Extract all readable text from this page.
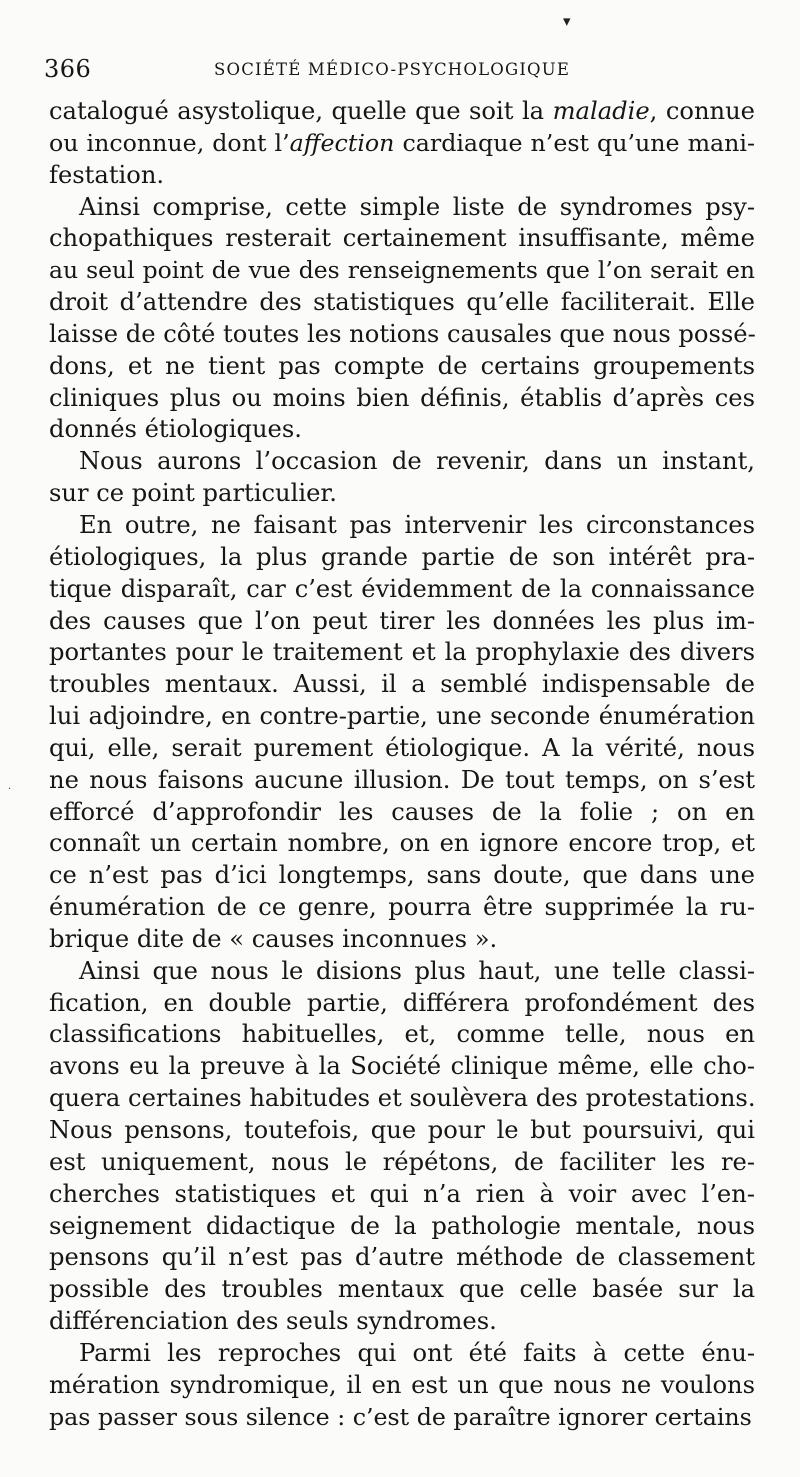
▾
·
366	SOCIÉTÉ MÉDICO-PSYCHOLOGIQUE
catalogué asystolique, quelle que soit la maladie, connue
ou inconnue, dont l’affection cardiaque n’est qu’une mani-
festation.
Ainsi comprise, cette simple liste de syndromes psy-
chopathiques resterait certainement insuffisante, même
au seul point de vue des renseignements que l’on serait en
droit d’attendre des statistiques qu’elle faciliterait. Elle
laisse de côté toutes les notions causales que nous possé-
dons, et ne tient pas compte de certains groupements
cliniques plus ou moins bien définis, établis d’après ces
donnés étiologiques.
Nous aurons l’occasion de revenir, dans un instant,
sur ce point particulier.
En outre, ne faisant pas intervenir les circonstances
étiologiques, la plus grande partie de son intérêt pra-
tique disparaît, car c’est évidemment de la connaissance
des causes que l’on peut tirer les données les plus im-
portantes pour le traitement et la prophylaxie des divers
troubles mentaux. Aussi, il a semblé indispensable de
lui adjoindre, en contre-partie, une seconde énumération
qui, elle, serait purement étiologique. A la vérité, nous
ne nous faisons aucune illusion. De tout temps, on s’est
efforcé d’approfondir les causes de la folie ; on en
connaît un certain nombre, on en ignore encore trop, et
ce n’est pas d’ici longtemps, sans doute, que dans une
énumération de ce genre, pourra être supprimée la ru-
brique dite de « causes inconnues ».
Ainsi que nous le disions plus haut, une telle classi-
fication, en double partie, différera profondément des
classifications habituelles, et, comme telle, nous en
avons eu la preuve à la Société clinique même, elle cho-
quera certaines habitudes et soulèvera des protestations.
Nous pensons, toutefois, que pour le but poursuivi, qui
est uniquement, nous le répétons, de faciliter les re-
cherches statistiques et qui n’a rien à voir avec l’en-
seignement didactique de la pathologie mentale, nous
pensons qu’il n’est pas d’autre méthode de classement
possible des troubles mentaux que celle basée sur la
différenciation des seuls syndromes.
Parmi les reproches qui ont été faits à cette énu-
mération syndromique, il en est un que nous ne voulons
pas passer sous silence : c’est de paraître ignorer certains
